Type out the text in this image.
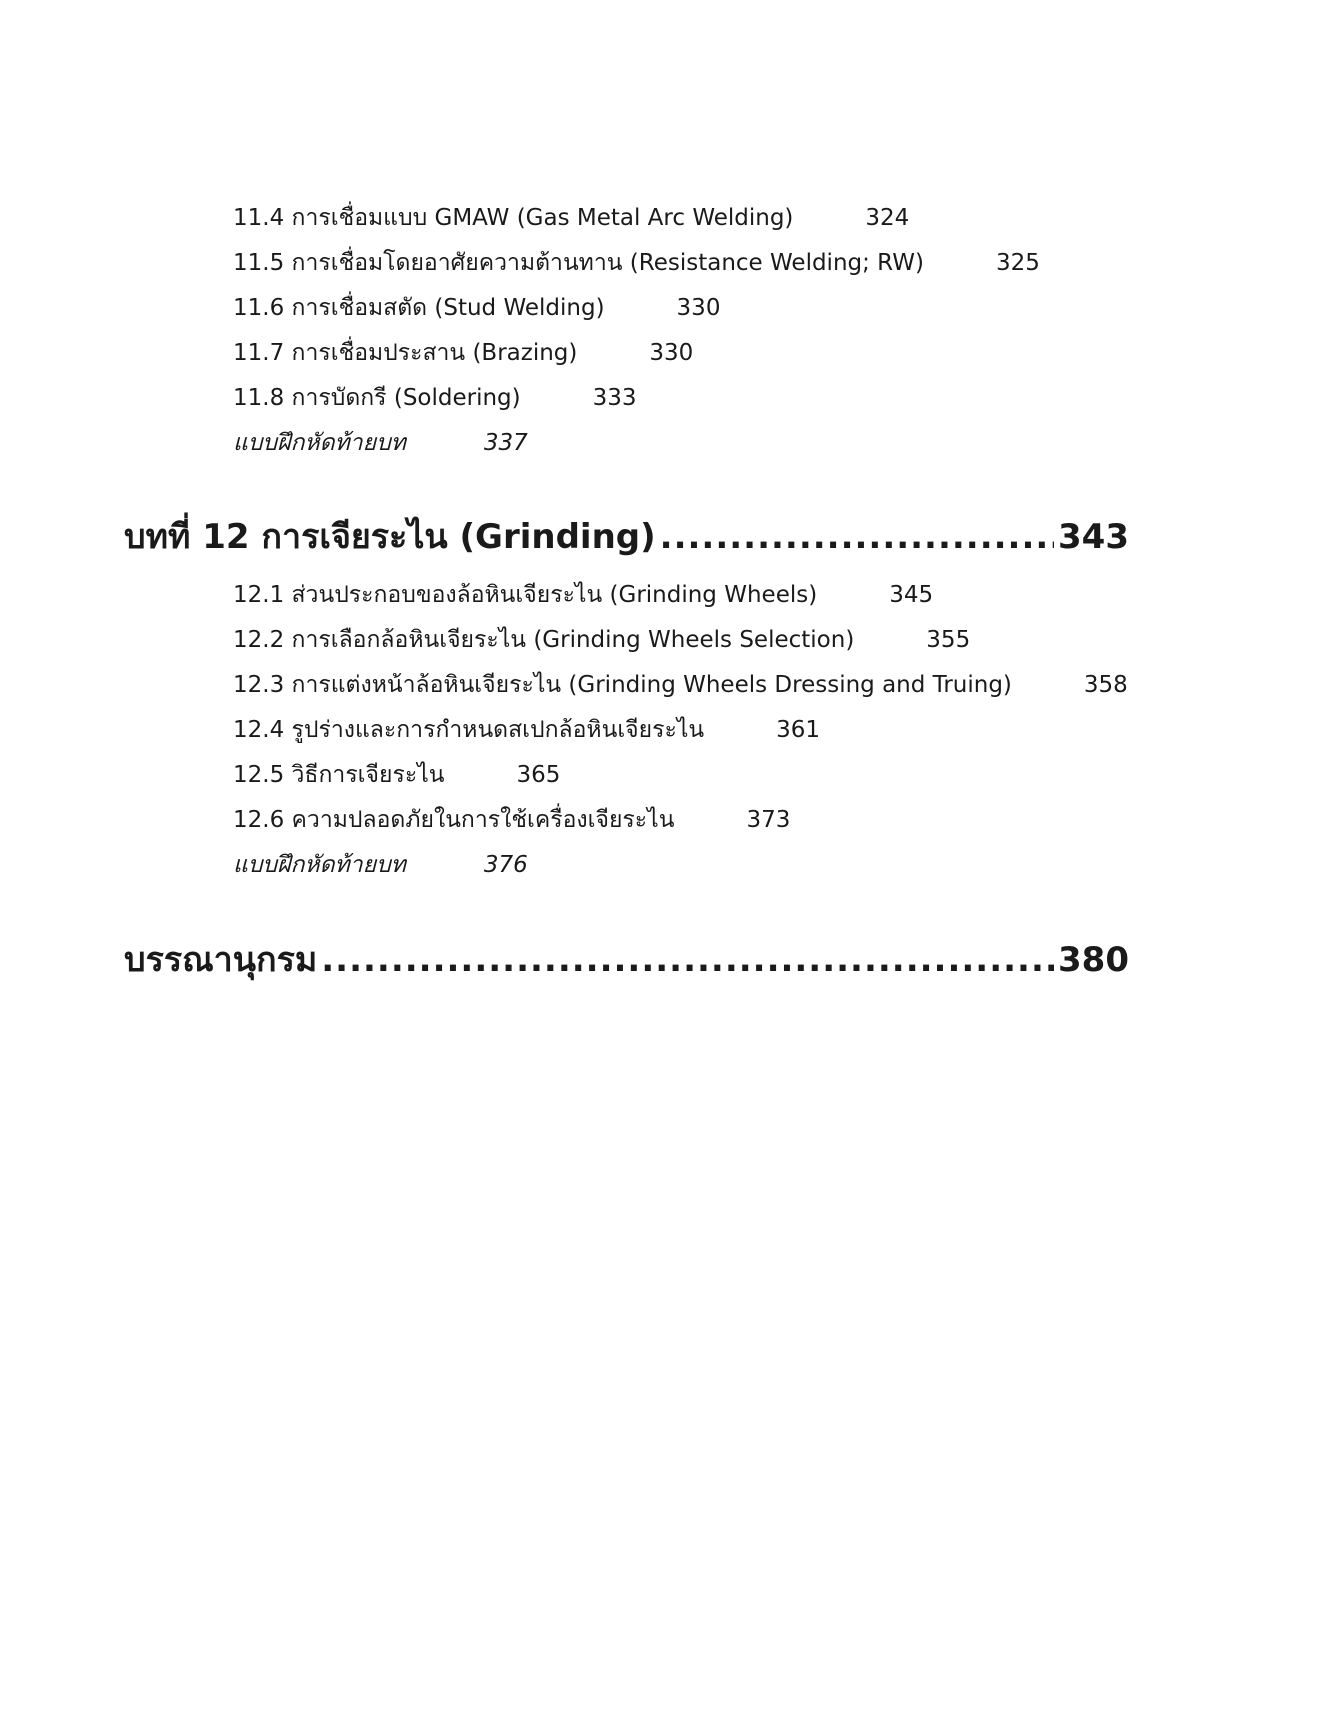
11.4 การเชื่อมแบบ GMAW (Gas Metal Arc Welding)	324
11.5 การเชื่อมโดยอาศัยความต้านทาน (Resistance Welding; RW)	325
11.6 การเชื่อมสตัด (Stud Welding)	330
11.7 การเชื่อมประสาน (Brazing)	330
11.8 การบัดกรี (Soldering)	333
แบบฝึกหัดท้ายบท	337
บทที่ 12 การเจียระไน (Grinding) .....	343
12.1 ส่วนประกอบของล้อหินเจียระไน (Grinding Wheels)	345
12.2 การเลือกล้อหินเจียระไน (Grinding Wheels Selection)	355
12.3 การแต่งหน้าล้อหินเจียระไน (Grinding Wheels Dressing and Truing)	358
12.4 รูปร่างและการกำหนดสเปกล้อหินเจียระไน	361
12.5 วิธีการเจียระไน	365
12.6 ความปลอดภัยในการใช้เครื่องเจียระไน	373
แบบฝึกหัดท้ายบท	376
บรรณานุกรม .....	380
